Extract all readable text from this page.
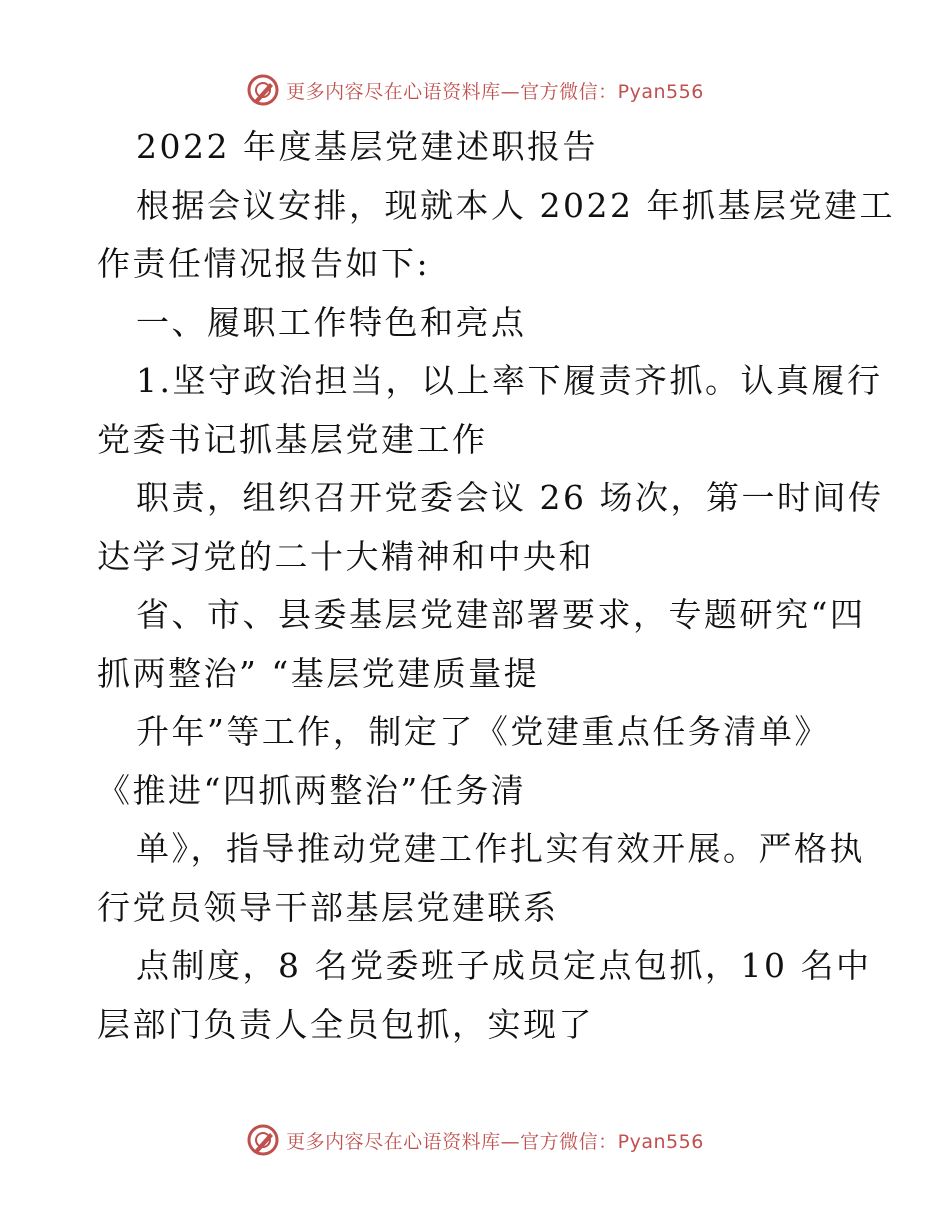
更多内容尽在心语资料库—官方微信：Pyan556
2022 年度基层党建述职报告
根据会议安排，现就本人 2022 年抓基层党建工
作责任情况报告如下:
一、履职工作特色和亮点
1.坚守政治担当，以上率下履责齐抓。认真履行
党委书记抓基层党建工作
职责，组织召开党委会议 26 场次，第一时间传
达学习党的二十大精神和中央和
省、市、县委基层党建部署要求，专题研究“四
抓两整治” “基层党建质量提
升年”等工作，制定了《党建重点任务清单》
《推进“四抓两整治”任务清
单》，指导推动党建工作扎实有效开展。严格执
行党员领导干部基层党建联系
点制度，8 名党委班子成员定点包抓，10 名中
层部门负责人全员包抓，实现了
更多内容尽在心语资料库—官方微信：Pyan556
